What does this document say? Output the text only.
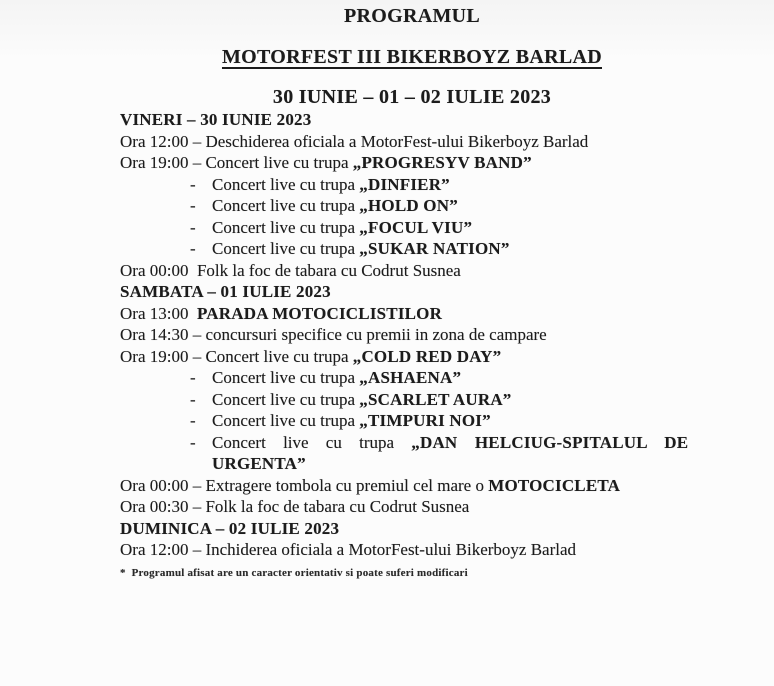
PROGRAMUL
MOTORFEST III BIKERBOYZ BARLAD
30 IUNIE – 01 – 02 IULIE 2023

VINERI – 30 IUNIE 2023

Ora 12:00 – Deschiderea oficiala a MotorFest-ului Bikerboyz Barlad

Ora 19:00 – Concert live cu trupa „PROGRESYV BAND”

- Concert live cu trupa „DINFIER”

- Concert live cu trupa „HOLD ON”

- Concert live cu trupa „FOCUL VIU”

- Concert live cu trupa „SUKAR NATION”

Ora 00:00  Folk la foc de tabara cu Codrut Susnea

SAMBATA – 01 IULIE 2023

Ora 13:00  PARADA MOTOCICLISTILOR

Ora 14:30 – concursuri specifice cu premii in zona de campare

Ora 19:00 – Concert live cu trupa „COLD RED DAY”

- Concert live cu trupa „ASHAENA”

- Concert live cu trupa „SCARLET AURA”

- Concert live cu trupa „TIMPURI NOI”

- Concert live cu trupa „DAN HELCIUG-SPITALUL DE
URGENTA”

Ora 00:00 – Extragere tombola cu premiul cel mare o MOTOCICLETA

Ora 00:30 – Folk la foc de tabara cu Codrut Susnea

DUMINICA – 02 IULIE 2023

Ora 12:00 – Inchiderea oficiala a MotorFest-ului Bikerboyz Barlad

*  Programul afisat are un caracter orientativ si poate suferi modificari
